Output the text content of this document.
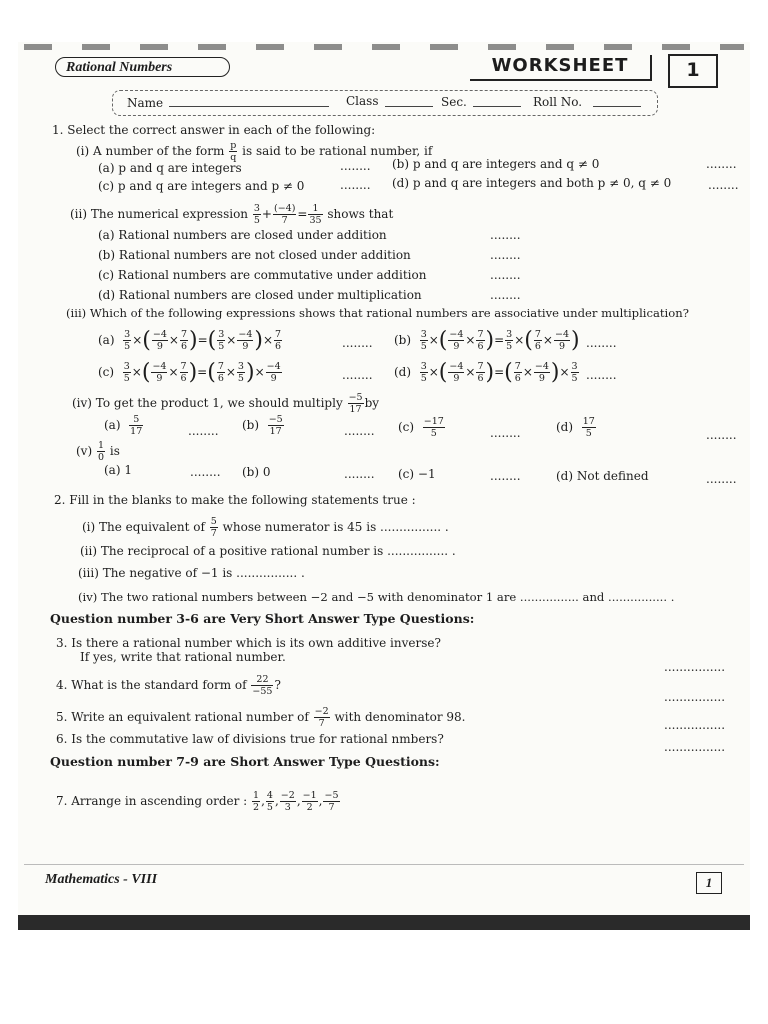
Rational Numbers	WORKSHEET	1
Name	Class	Sec.	Roll No.
1. Select the correct answer in each of the following:
(i) A number of the form $\frac{p}{q}$ is said to be rational number, if
(a) p and q are integers	........ (b) p and q are integers and q ≠ 0	........
(c) p and q are integers and p ≠ 0	........ (d) p and q are integers and both p ≠ 0, q ≠ 0	........
(ii) The numerical expression $\frac{3}{5} + \frac{(-4)}{7} = \frac{1}{35}$ shows that
(a) Rational numbers are closed under addition	........
(b) Rational numbers are not closed under addition	........
(c) Rational numbers are commutative under addition	........
(d) Rational numbers are closed under multiplication	........
(iii) Which of the following expressions shows that rational numbers are associative under multiplication?
$(a) \frac{3}{5}$ ×( $\frac{-4}{9} \times \frac{7}{6}$ )=( $\frac{3}{5} \times \frac{-4}{9}$ )× $\frac{7}{6}$	........ $(b) \frac{3}{5}$ ×( $\frac{-4}{9} \times \frac{7}{6}$ )= $\frac{3}{5}$ ×( $\frac{7}{6} \times \frac{-4}{9}$ ) ........
$(c) \frac{3}{5}$ ×( $\frac{-4}{9} \times \frac{7}{6}$ )=( $\frac{7}{6} \times \frac{3}{5}$ )× $\frac{-4}{9}$	........ $(d) \frac{3}{5}$ ×( $\frac{-4}{9} \times \frac{7}{6}$ )=( $\frac{7}{6} \times \frac{-4}{9}$ )× $\frac{3}{5}$ ........
(iv) To get the product 1, we should multiply $\frac{-5}{17}$ by
$(a) \frac{5}{17}$	........ $(b) \frac{-5}{17}$	........ $(c) \frac{-17}{5}$	........	$(d) \frac{17}{5}$	........
$(v) \frac{1}{0}$ is
(a) 1	........ (b) 0	........ (c) −1	........	(d) Not defined	........
2. Fill in the blanks to make the following statements true :
(i) The equivalent of $\frac{5}{7}$ whose numerator is 45 is ................ .
(ii) The reciprocal of a positive rational number is ................ .
(iii) The negative of −1 is ................ .
(iv) The two rational numbers between −2 and −5 with denominator 1 are ................ and ................ .
Question number 3-6 are Very Short Answer Type Questions:
3. Is there a rational number which is its own additive inverse?
If yes, write that rational number.
................
4. What is the standard form of $\frac{22}{-55}$ ?
................
5. Write an equivalent rational number of $\frac{-2}{7}$ with denominator 98.
................
6. Is the commutative law of divisions true for rational nmbers?
................
Question number 7-9 are Short Answer Type Questions:
7. Arrange in ascending order : $\frac{1}{2}$ , $\frac{4}{5}$ , $\frac{-2}{3}$ , $\frac{-1}{2}$ , $\frac{-5}{7}$
Mathematics - VIII	1
